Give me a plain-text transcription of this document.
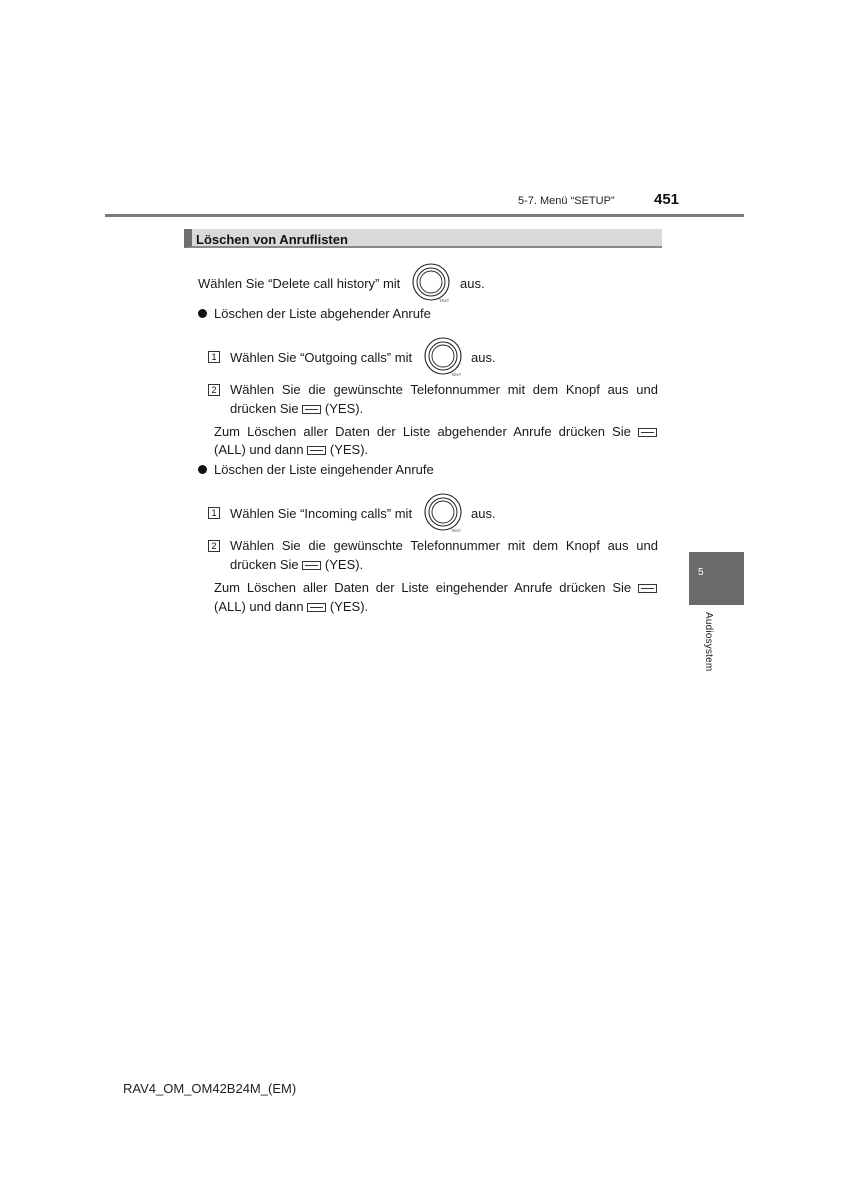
5-7. Menü “SETUP”	451
Löschen von Anruflisten
Wählen Sie “Delete call history” mit
TEXT
aus.
Löschen der Liste abgehender Anrufe
1 Wählen Sie “Outgoing calls” mit
TEXT
aus.
2 Wählen Sie die gewünschte Telefonnummer mit dem Knopf aus und
drücken Sie (YES).
Zum Löschen aller Daten der Liste abgehender Anrufe drücken Sie
(ALL) und dann (YES).
Löschen der Liste eingehender Anrufe
1 Wählen Sie “Incoming calls” mit
TEXT
aus.
2 Wählen Sie die gewünschte Telefonnummer mit dem Knopf aus und
drücken Sie (YES).
Zum Löschen aller Daten der Liste eingehender Anrufe drücken Sie
(ALL) und dann (YES).
5
Audiosystem
RAV4_OM_OM42B24M_(EM)
